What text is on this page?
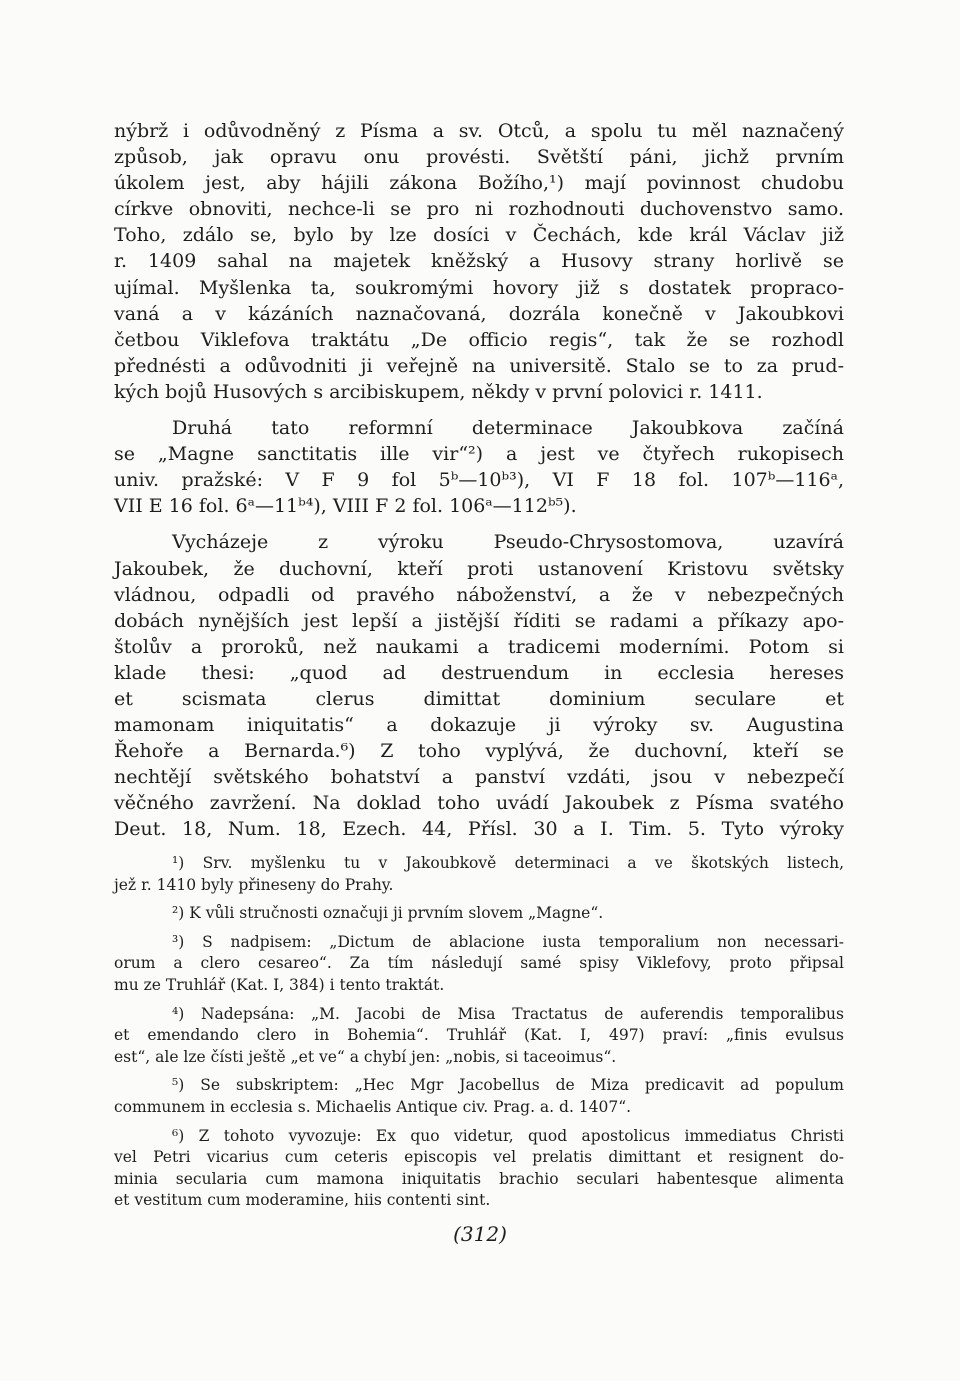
nýbrž i odůvodněný z Písma a sv. Otců, a spolu tu měl naznačený
způsob, jak opravu onu provésti. Světští páni, jichž prvním
úkolem jest, aby hájili zákona Božího,¹) mají povinnost chudobu
církve obnoviti, nechce-li se pro ni rozhodnouti duchovenstvo samo.
Toho, zdálo se, bylo by lze dosíci v Čechách, kde král Václav již
r. 1409 sahal na majetek kněžský a Husovy strany horlivě se
ujímal. Myšlenka ta, soukromými hovory již s dostatek propraco-
vaná a v kázáních naznačovaná, dozrála konečně v Jakoubkovi
četbou Viklefova traktátu „De officio regis“, tak že se rozhodl
přednésti a odůvodniti ji veřejně na universitě. Stalo se to za prud-
kých bojů Husových s arcibiskupem, někdy v první polovici r. 1411.
Druhá tato reformní determinace Jakoubkova začíná
se „Magne sanctitatis ille vir“²) a jest ve čtyřech rukopisech
univ. pražské: V F 9 fol 5ᵇ—10ᵇ³), VI F 18 fol. 107ᵇ—116ᵃ,
VII E 16 fol. 6ᵃ—11ᵇ⁴), VIII F 2 fol. 106ᵃ—112ᵇ⁵).
Vycházeje z výroku Pseudo-Chrysostomova, uzavírá
Jakoubek, že duchovní, kteří proti ustanovení Kristovu světsky
vládnou, odpadli od pravého náboženství, a že v nebezpečných
dobách nynějších jest lepší a jistější říditi se radami a příkazy apo-
štolův a proroků, než naukami a tradicemi moderními. Potom si
klade thesi: „quod ad destruendum in ecclesia hereses
et scismata clerus dimittat dominium seculare et
mamonam iniquitatis“ a dokazuje ji výroky sv. Augustina
Řehoře a Bernarda.⁶) Z toho vyplývá, že duchovní, kteří se
nechtějí světského bohatství a panství vzdáti, jsou v nebezpečí
věčného zavržení. Na doklad toho uvádí Jakoubek z Písma svatého
Deut. 18, Num. 18, Ezech. 44, Přísl. 30 a I. Tim. 5. Tyto výroky
¹) Srv. myšlenku tu v Jakoubkově determinaci a ve škotských listech,
jež r. 1410 byly přineseny do Prahy.
²) K vůli stručnosti označuji ji prvním slovem „Magne“.
³) S nadpisem: „Dictum de ablacione iusta temporalium non necessari-
orum a clero cesareo“. Za tím následují samé spisy Viklefovy, proto připsal
mu ze Truhlář (Kat. I, 384) i tento traktát.
⁴) Nadepsána: „M. Jacobi de Misa Tractatus de auferendis temporalibus
et emendando clero in Bohemia“. Truhlář (Kat. I, 497) praví: „finis evulsus
est“, ale lze čísti ještě „et ve“ a chybí jen: „nobis, si taceoimus“.
⁵) Se subskriptem: „Hec Mgr Jacobellus de Miza predicavit ad populum
communem in ecclesia s. Michaelis Antique civ. Prag. a. d. 1407“.
⁶) Z tohoto vyvozuje: Ex quo videtur, quod apostolicus immediatus Christi
vel Petri vicarius cum ceteris episcopis vel prelatis dimittant et resignent do-
minia secularia cum mamona iniquitatis brachio seculari habentesque alimenta
et vestitum cum moderamine, hiis contenti sint.
(312)
